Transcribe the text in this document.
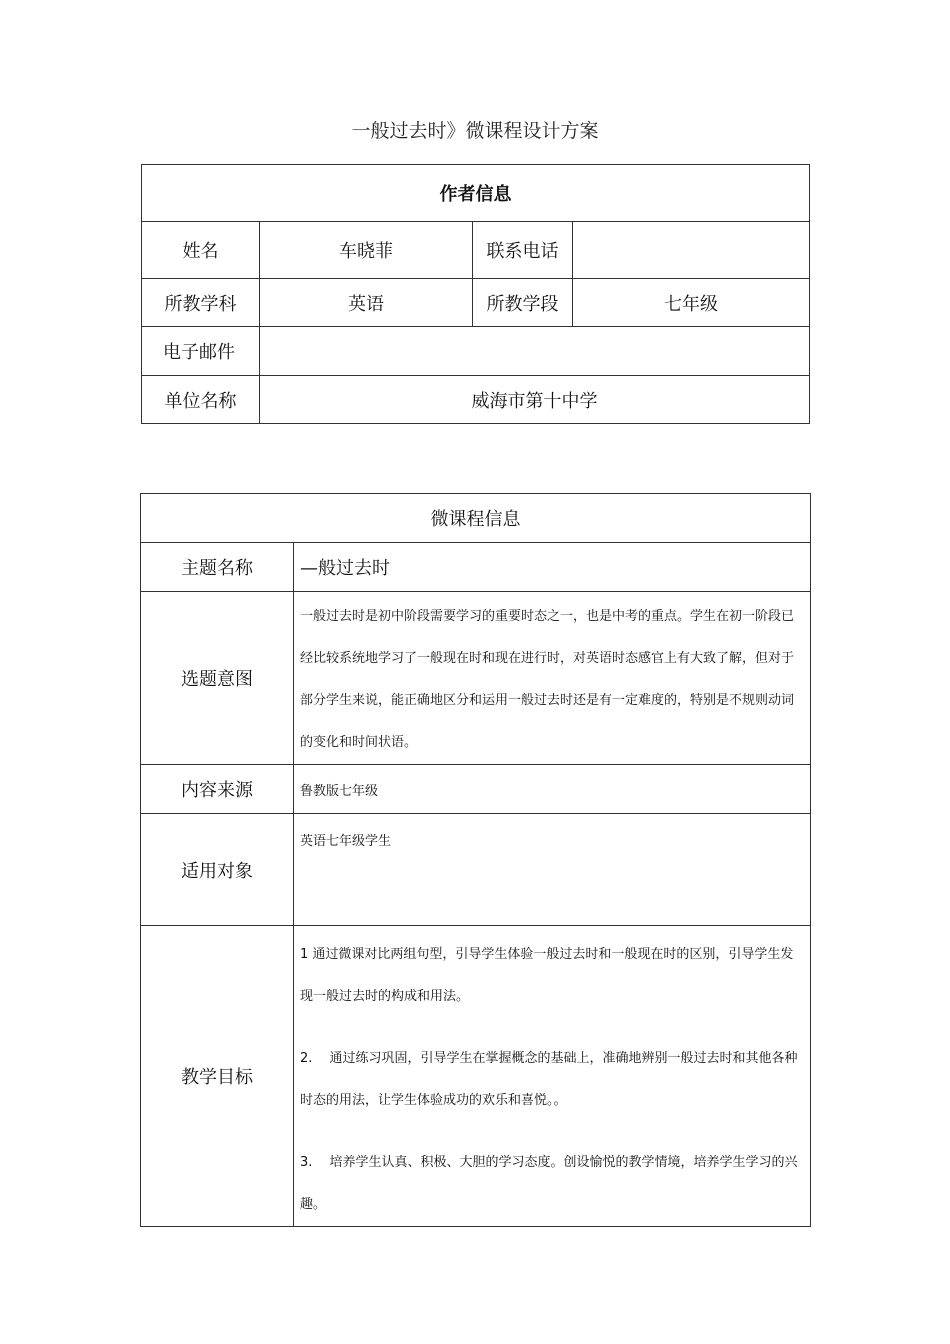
一般过去时》微课程设计方案
作者信息			
姓名	车晓菲	联系电话	
所教学科	英语	所教学段	七年级
电子邮件			
单位名称	威海市第十中学		
微课程信息	
主题名称	—般过去时
选题意图	一般过去时是初中阶段需要学习的重要时态之一，也是中考的重点。学生在初一阶段已经比较系统地学习了一般现在时和现在进行时，对英语时态感官上有大致了解，但对于部分学生来说，能正确地区分和运用一般过去时还是有一定难度的，特别是不规则动词的变化和时间状语。
内容来源	鲁教版七年级
适用对象	英语七年级学生
教学目标	1 通过微课对比两组句型，引导学生体验一般过去时和一般现在时的区别，引导学生发现一般过去时的构成和用法。

2.　 通过练习巩固，引导学生在掌握概念的基础上，准确地辨别一般过去时和其他各种时态的用法，让学生体验成功的欢乐和喜悦。。

3.　 培养学生认真、积极、大胆的学习态度。创设愉悦的教学情境，培养学生学习的兴趣。
